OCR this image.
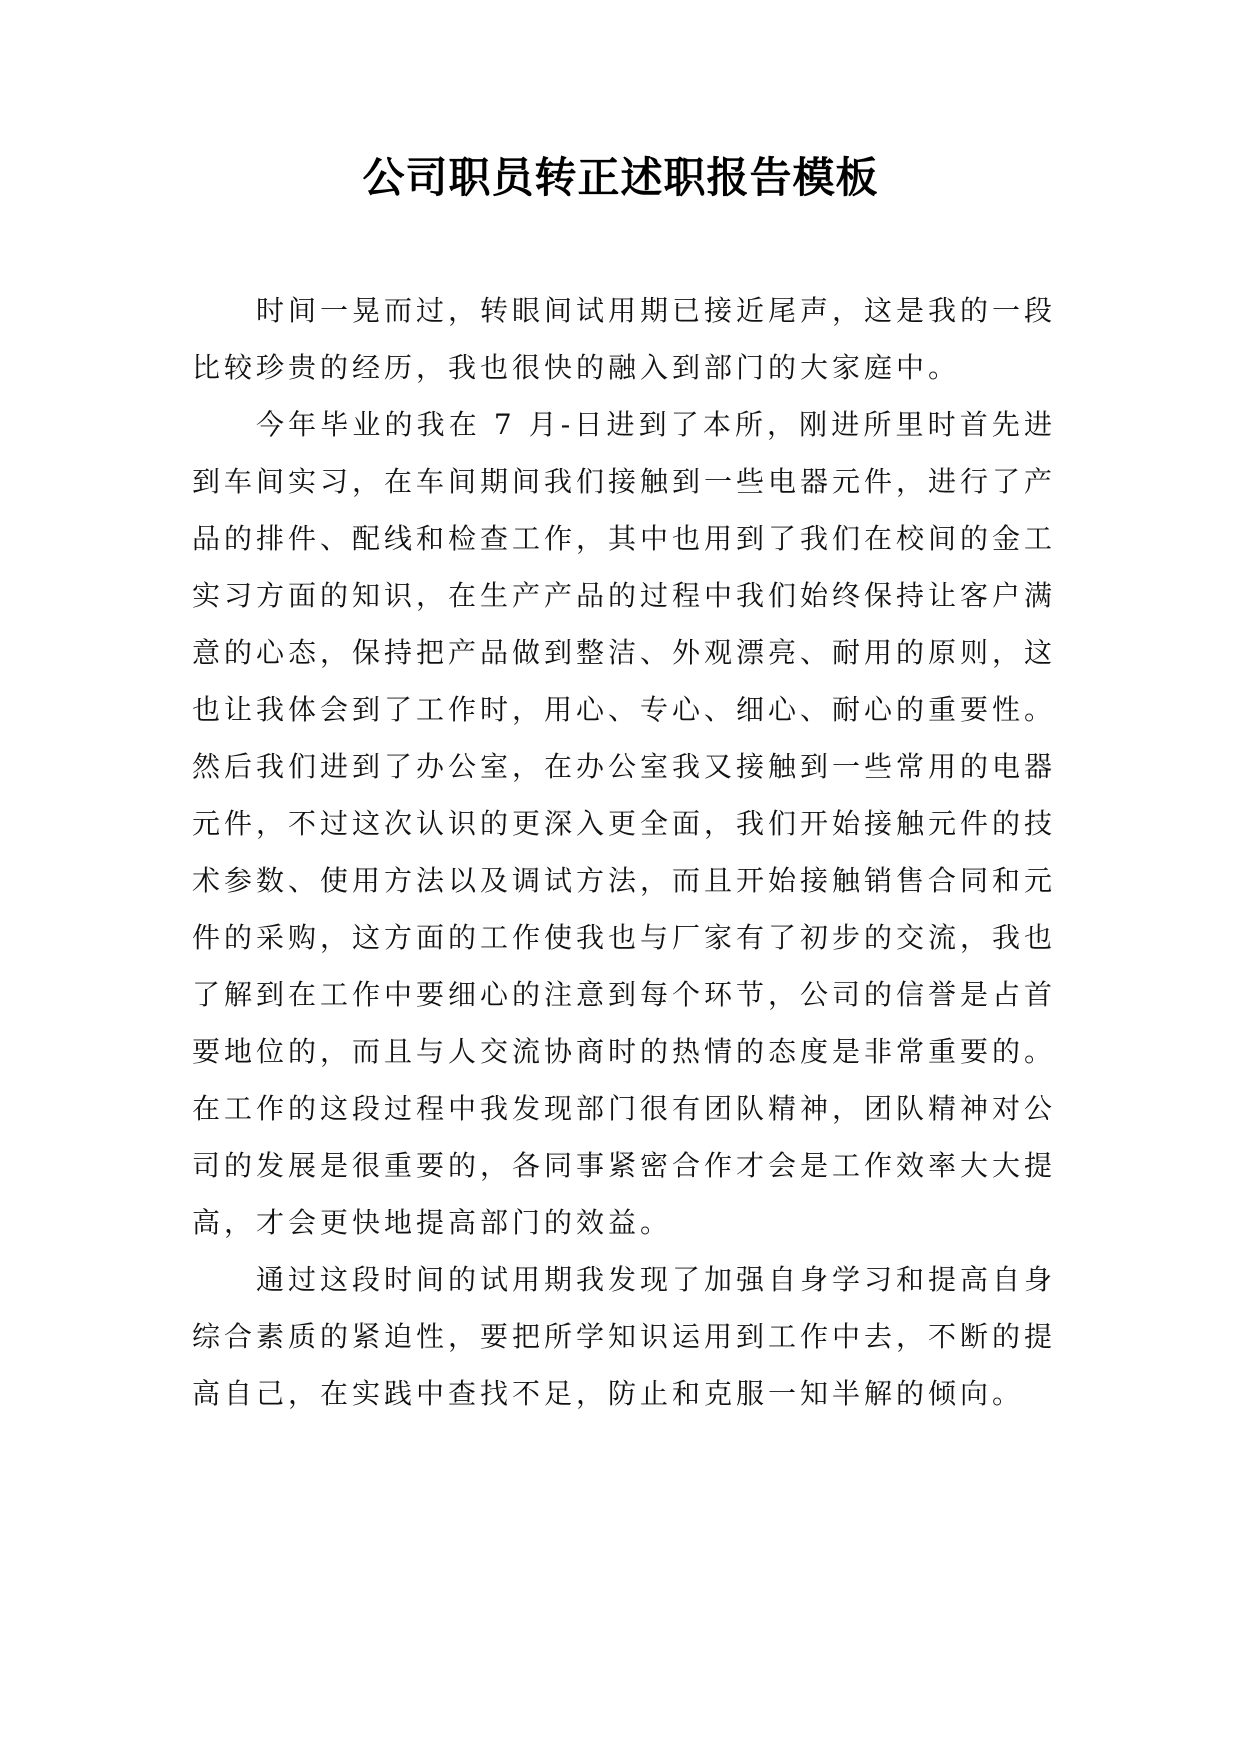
公司职员转正述职报告模板

时间一晃而过，转眼间试用期已接近尾声，这是我的一段比较珍贵的经历，我也很快的融入到部门的大家庭中。

今年毕业的我在 7 月-日进到了本所，刚进所里时首先进到车间实习，在车间期间我们接触到一些电器元件，进行了产品的排件、配线和检查工作，其中也用到了我们在校间的金工实习方面的知识，在生产产品的过程中我们始终保持让客户满意的心态，保持把产品做到整洁、外观漂亮、耐用的原则，这也让我体会到了工作时，用心、专心、细心、耐心的重要性。然后我们进到了办公室，在办公室我又接触到一些常用的电器元件，不过这次认识的更深入更全面，我们开始接触元件的技术参数、使用方法以及调试方法，而且开始接触销售合同和元件的采购，这方面的工作使我也与厂家有了初步的交流，我也了解到在工作中要细心的注意到每个环节，公司的信誉是占首要地位的，而且与人交流协商时的热情的态度是非常重要的。在工作的这段过程中我发现部门很有团队精神，团队精神对公司的发展是很重要的，各同事紧密合作才会是工作效率大大提高，才会更快地提高部门的效益。

通过这段时间的试用期我发现了加强自身学习和提高自身综合素质的紧迫性，要把所学知识运用到工作中去，不断的提高自己，在实践中查找不足，防止和克服一知半解的倾向。
